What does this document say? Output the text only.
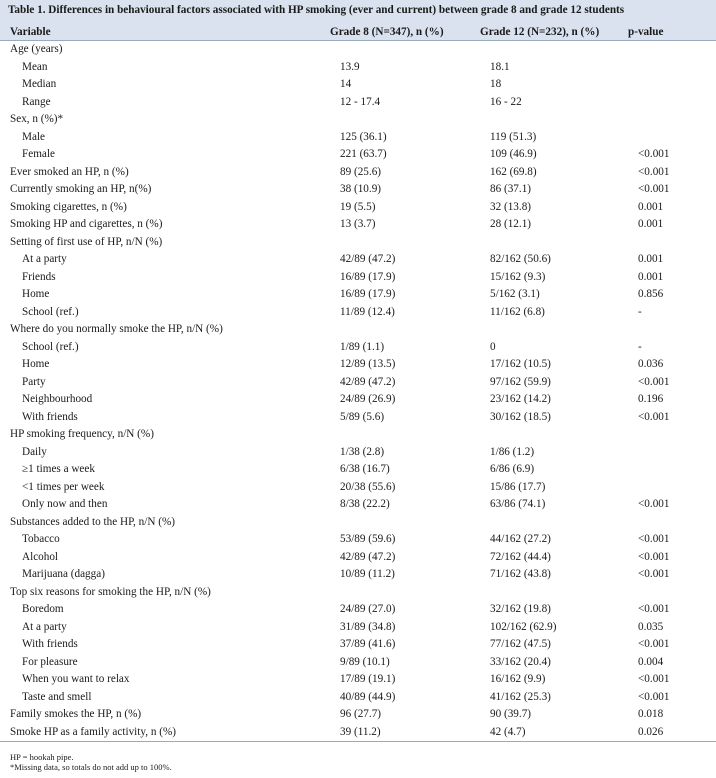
Table 1. Differences in behavioural factors associated with HP smoking (ever and current) between grade 8 and grade 12 students
Variable	Grade 8 (N=347), n (%)	Grade 12 (N=232), n (%)	p-value
Age (years)			
Mean	13.9	18.1	
Median	14	18	
Range	12 - 17.4	16 - 22	
Sex, n (%)*			
Male	125 (36.1)	119 (51.3)	
Female	221 (63.7)	109 (46.9)	<0.001
Ever smoked an HP, n (%)	89 (25.6)	162 (69.8)	<0.001
Currently smoking an HP, n(%)	38 (10.9)	86 (37.1)	<0.001
Smoking cigarettes, n (%)	19 (5.5)	32 (13.8)	0.001
Smoking HP and cigarettes, n (%)	13 (3.7)	28 (12.1)	0.001
Setting of first use of HP, n/N (%)			
At a party	42/89 (47.2)	82/162 (50.6)	0.001
Friends	16/89 (17.9)	15/162 (9.3)	0.001
Home	16/89 (17.9)	5/162 (3.1)	0.856
School (ref.)	11/89 (12.4)	11/162 (6.8)	-
Where do you normally smoke the HP, n/N (%)			
School (ref.)	1/89 (1.1)	0	-
Home	12/89 (13.5)	17/162 (10.5)	0.036
Party	42/89 (47.2)	97/162 (59.9)	<0.001
Neighbourhood	24/89 (26.9)	23/162 (14.2)	0.196
With friends	5/89 (5.6)	30/162 (18.5)	<0.001
HP smoking frequency, n/N (%)			
Daily	1/38 (2.8)	1/86 (1.2)	
≥1 times a week	6/38 (16.7)	6/86 (6.9)	
<1 times per week	20/38 (55.6)	15/86 (17.7)	
Only now and then	8/38 (22.2)	63/86 (74.1)	<0.001
Substances added to the HP, n/N (%)			
Tobacco	53/89 (59.6)	44/162 (27.2)	<0.001
Alcohol	42/89 (47.2)	72/162 (44.4)	<0.001
Marijuana (dagga)	10/89 (11.2)	71/162 (43.8)	<0.001
Top six reasons for smoking the HP, n/N (%)			
Boredom	24/89 (27.0)	32/162 (19.8)	<0.001
At a party	31/89 (34.8)	102/162 (62.9)	0.035
With friends	37/89 (41.6)	77/162 (47.5)	<0.001
For pleasure	9/89 (10.1)	33/162 (20.4)	0.004
When you want to relax	17/89 (19.1)	16/162 (9.9)	<0.001
Taste and smell	40/89 (44.9)	41/162 (25.3)	<0.001
Family smokes the HP, n (%)	96 (27.7)	90 (39.7)	0.018
Smoke HP as a family activity, n (%)	39 (11.2)	42 (4.7)	0.026
HP = hookah pipe.
*Missing data, so totals do not add up to 100%.
